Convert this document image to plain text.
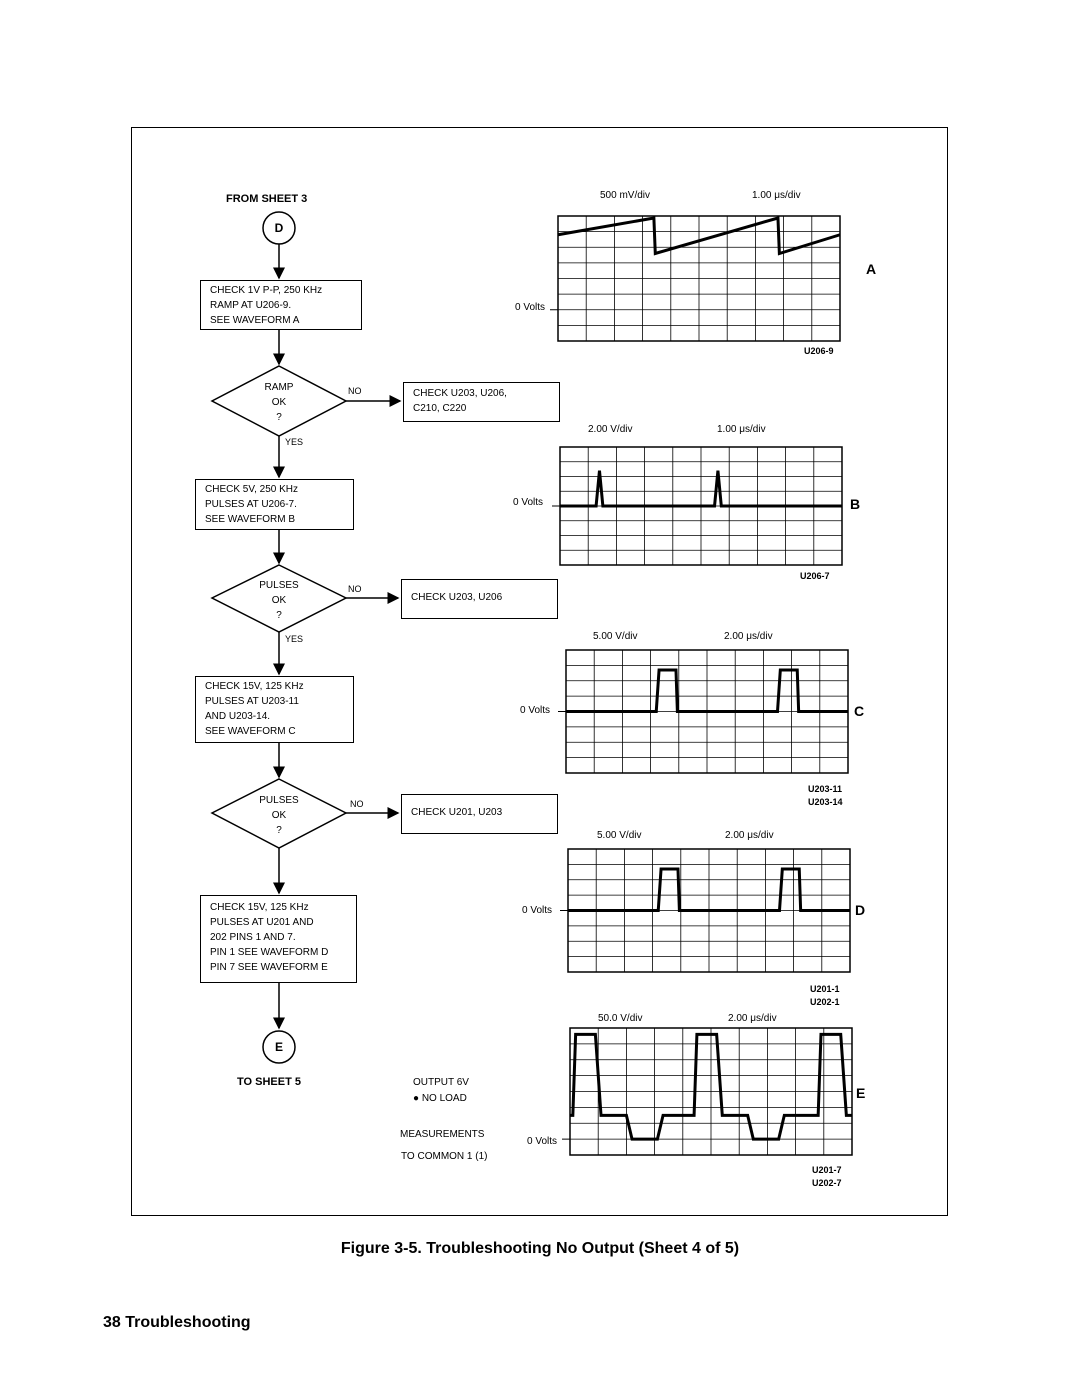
FROM SHEET 3
D
CHECK 1V P-P, 250 KHz
RAMP AT U206-9.
SEE WAVEFORM A
RAMP
OK
?
NO
YES
CHECK U203, U206,
C210, C220
CHECK 5V, 250 KHz
PULSES AT U206-7.
SEE WAVEFORM B
PULSES
OK
?
NO
YES
CHECK U203, U206
CHECK 15V, 125 KHz
PULSES AT U203-11
AND U203-14.
SEE WAVEFORM C
PULSES
OK
?
NO
CHECK U201, U203
CHECK 15V, 125 KHz
PULSES AT U201 AND
202 PINS 1 AND 7.
PIN 1 SEE WAVEFORM D
PIN 7 SEE WAVEFORM E
E
TO SHEET 5	OUTPUT 6V
● NO LOAD
MEASUREMENTS
TO COMMON 1 (1)
500 mV/div	1.00 μs/div
0 Volts
A
U206-9
2.00 V/div	1.00 μs/div
0 Volts	B
U206-7
5.00 V/div	2.00 μs/div
0 Volts	C
U203-11
U203-14
5.00 V/div	2.00 μs/div
0 Volts	D
U201-1
U202-1
50.0 V/div	2.00 μs/div
0 Volts
E
U201-7
U202-7
Figure 3-5. Troubleshooting No Output (Sheet 4 of 5)
38 Troubleshooting
